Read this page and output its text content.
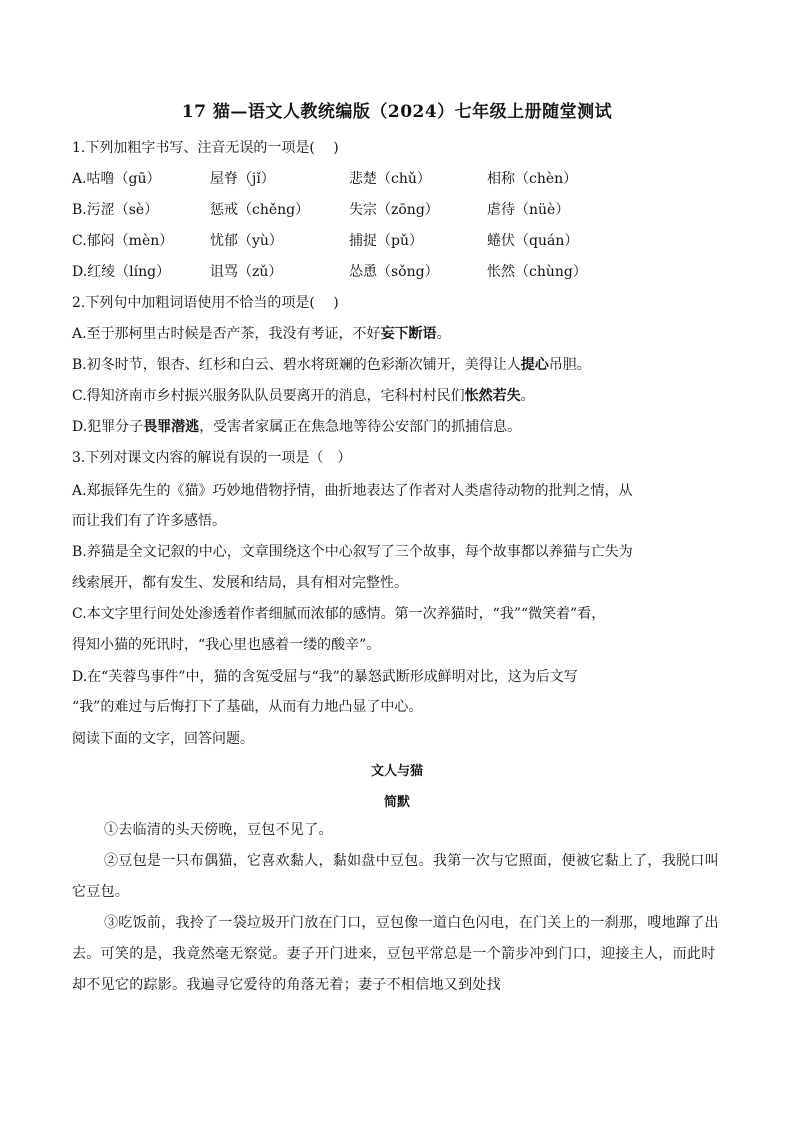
17 猫—语文人教统编版（2024）七年级上册随堂测试
1.下列加粗字书写、注音无误的一项是(　 )
A.咕噜（gū）	屋脊（jǐ）	悲楚（chǔ）	相称（chèn）
B.污涩（sè）	惩戒（chěng）	失宗（zōng）	虐待（nüè）
C.郁闷（mèn）	忧郁（yù）	捕捉（pǔ）	蜷伏（quán）
D.红绫（líng）	诅骂（zǔ）	怂恿（sǒng）	怅然（chùng）
2.下列句中加粗词语使用不恰当的项是(　 )
A.至于那柯里古时候是否产茶，我没有考证，不好妄下断语。
B.初冬时节，银杏、红杉和白云、碧水将斑斓的色彩渐次铺开，美得让人提心吊胆。
C.得知济南市乡村振兴服务队队员要离开的消息，宅科村村民们怅然若失。
D.犯罪分子畏罪潜逃，受害者家属正在焦急地等待公安部门的抓捕信息。
3.下列对课文内容的解说有误的一项是（　）
A.郑振铎先生的《猫》巧妙地借物抒情，曲折地表达了作者对人类虐待动物的批判之情，从
而让我们有了许多感悟。
B.养猫是全文记叙的中心，文章围绕这个中心叙写了三个故事，每个故事都以养猫与亡失为
线索展开，都有发生、发展和结局，具有相对完整性。
C.本文字里行间处处渗透着作者细腻而浓郁的感情。第一次养猫时，“我”“微笑着”看，
得知小猫的死讯时，“我心里也感着一缕的酸辛”。
D.在“芙蓉鸟事件”中，猫的含冤受屈与“我”的暴怒武断形成鲜明对比，这为后文写
“我”的难过与后悔打下了基础，从而有力地凸显了中心。
阅读下面的文字，回答问题。
文人与猫
简默
①去临清的头天傍晚，豆包不见了。
②豆包是一只布偶猫，它喜欢黏人，黏如盘中豆包。我第一次与它照面，便被它黏上了，我脱口叫它豆包。
③吃饭前，我拎了一袋垃圾开门放在门口，豆包像一道白色闪电，在门关上的一刹那，嗖地蹿了出去。可笑的是，我竟然毫无察觉。妻子开门进来，豆包平常总是一个箭步冲到门口，迎接主人，而此时却不见它的踪影。我遍寻它爱待的角落无着；妻子不相信地又到处找
